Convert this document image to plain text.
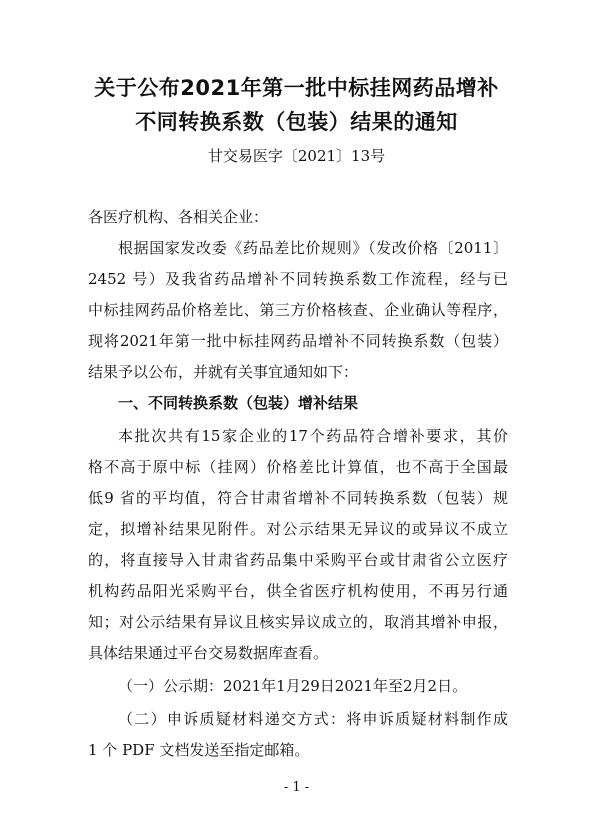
关于公布2021年第一批中标挂网药品增补
不同转换系数（包装）结果的通知
甘交易医字〔2021〕13号
各医疗机构、各相关企业：
根据国家发改委《药品差比价规则》（发改价格〔2011〕
2452 号）及我省药品增补不同转换系数工作流程，经与已
中标挂网药品价格差比、第三方价格核查、企业确认等程序，
现将2021年第一批中标挂网药品增补不同转换系数（包装）
结果予以公布，并就有关事宜通知如下：
一、不同转换系数（包装）增补结果
本批次共有15家企业的17个药品符合增补要求，其价
格不高于原中标（挂网）价格差比计算值，也不高于全国最
低9 省的平均值，符合甘肃省增补不同转换系数（包装）规
定，拟增补结果见附件。对公示结果无异议的或异议不成立
的，将直接导入甘肃省药品集中采购平台或甘肃省公立医疗
机构药品阳光采购平台，供全省医疗机构使用，不再另行通
知；对公示结果有异议且核实异议成立的，取消其增补申报，
具体结果通过平台交易数据库查看。
（一）公示期：2021年1月29日2021年至2月2日。
（二）申诉质疑材料递交方式：将申诉质疑材料制作成
1 个 PDF 文档发送至指定邮箱。
- 1 -
